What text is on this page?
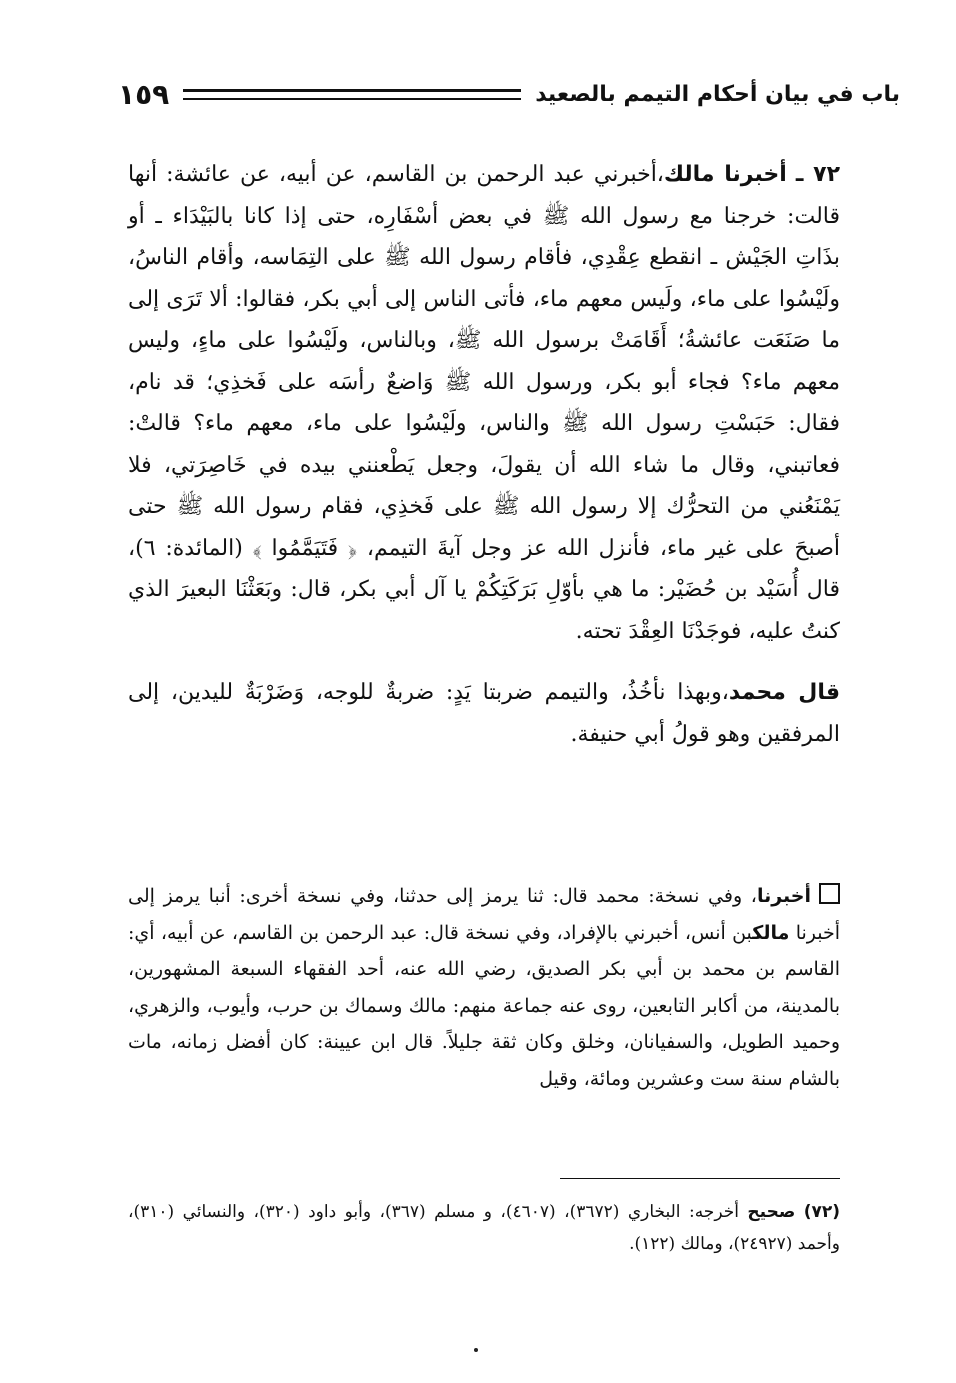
باب في بيان أحكام التيمم بالصعيد
١٥٩

٧٢ ـ أخبرنا مالك،أخبرني عبد الرحمن بن القاسم، عن أبيه، عن عائشة: أنها قالت: خرجنا مع رسول الله ﷺ في بعض أسْفَارِه، حتى إذا كانا بالبَيْدَاء ـ أو بذَاتِ الجَيْش ـ انقطع عِقْدِي، فأقام رسول الله ﷺ على التِمَاسه، وأقام الناسُ، ولَيْسُوا على ماء، ولَيس معهم ماء، فأتى الناس إلى أبي بكر، فقالوا: ألا تَرَى إلى ما صَنَعَت عائشةُ؛ أَقَامَتْ برسول الله ﷺ، وبالناس، ولَيْسُوا على ماءٍ، وليس معهم ماء؟ فجاء أبو بكر، ورسول الله ﷺ وَاضعٌ رأسَه على فَخذِي؛ قد نام، فقال: حَبَسْتِ رسول الله ﷺ والناس، ولَيْسُوا على ماء، معهم ماء؟ قالتْ: فعاتبني، وقال ما شاء الله أن يقولَ، وجعل يَطْعنني بيده في خَاصِرَتي، فلا يَمْنَعُني من التحرُّك إلا رسول الله ﷺ على فَخذِي، فقام رسول الله ﷺ حتى أصبحَ على غير ماء، فأنزل الله عز وجل آيةَ التيمم، ﴿ فَتَيَمَّمُوا ﴾ (المائدة: ٦)، قال أُسَيْد بن حُضَيْر: ما هي بأوّلِ بَرَكَتِكُمْ يا آل أبي بكر، قال: وبَعَثْنَا البعيرَ الذي كنتُ عليه، فوجَدْنَا العِقْدَ تحته.

قال محمد،وبهذا نأخُذُ، والتيمم ضربتا يَدٍ: ضربةٌ للوجه، وَضَرْبَةٌ لليدين، إلى المرفقين وهو قولُ أبي حنيفة.

أخبرنا، وفي نسخة: محمد قال: ثنا يرمز إلى حدثنا، وفي نسخة أخرى: أنبا يرمز إلى أخبرنا مالكبن أنس، أخبرني بالإفراد، وفي نسخة قال: عبد الرحمن بن القاسم، عن أبيه، أي: القاسم بن محمد بن أبي بكر الصديق، رضي الله عنه، أحد الفقهاء السبعة المشهورين، بالمدينة، من أكابر التابعين، روى عنه جماعة منهم: مالك وسماك بن حرب، وأيوب، والزهري، وحميد الطويل، والسفيانان، وخلق وكان ثقة جليلاً. قال ابن عيينة: كان أفضل زمانه، مات بالشام سنة ست وعشرين ومائة، وقيل

(٧٢) صحيح أخرجه: البخاري (٣٦٧٢)، (٤٦٠٧)، و مسلم (٣٦٧)، وأبو داود (٣٢٠)، والنسائي (٣١٠)، وأحمد (٢٤٩٢٧)، ومالك (١٢٢).
